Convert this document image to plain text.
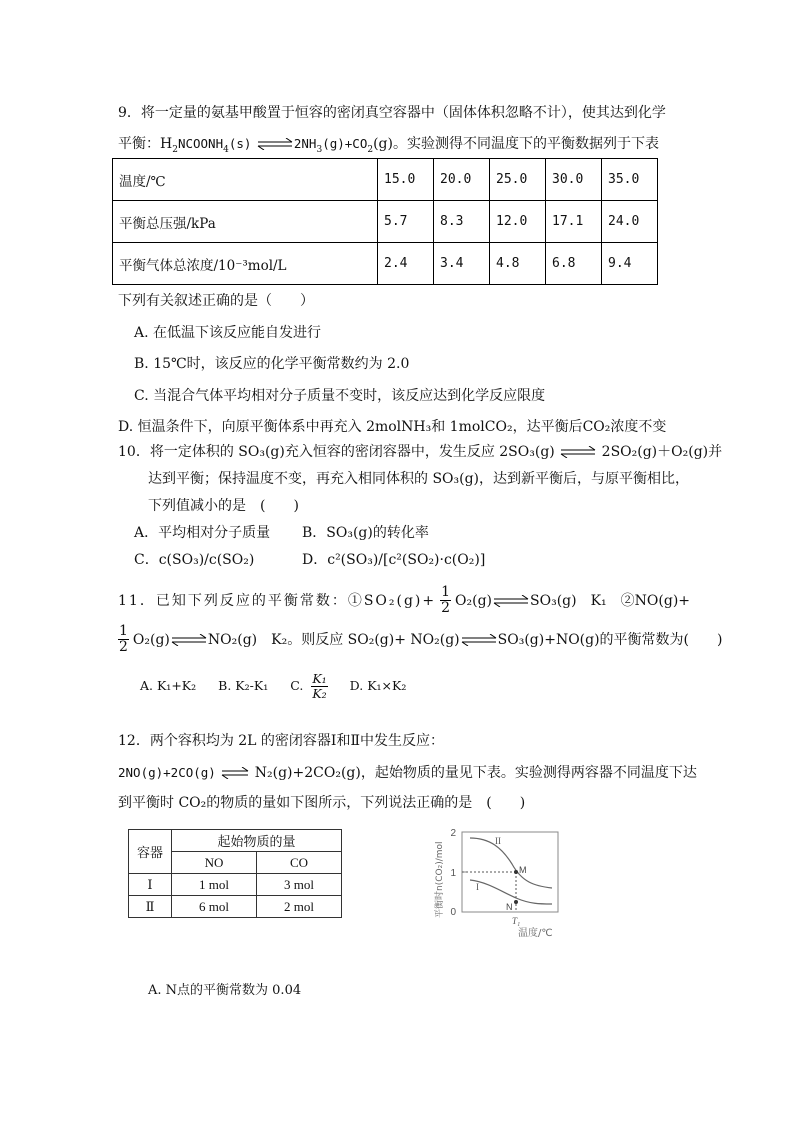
9．将一定量的氨基甲酸置于恒容的密闭真空容器中（固体体积忽略不计），使其达到化学
平衡：$H_2NCOONH_4(s)$ $\rightleftharpoons 2NH_3(g)+CO_2(g)$。实验测得不同温度下的平衡数据列于下表
温度/℃	15.0	20.0	25.0	30.0	35.0
平衡总压强/kPa	5.7	8.3	12.0	17.1	24.0
平衡气体总浓度/10⁻³mol/L	2.4	3.4	4.8	6.8	9.4
下列有关叙述正确的是（　　）
A. 在低温下该反应能自发进行
B. 15℃时，该反应的化学平衡常数约为 2.0
C. 当混合气体平均相对分子质量不变时，该反应达到化学反应限度
D. 恒温条件下，向原平衡体系中再充入 2molNH₃和 1molCO₂，达平衡后CO₂浓度不变
10．将一定体积的 SO₃(g)充入恒容的密闭容器中，发生反应 2SO₃(g) ⇌ 2SO₂(g)＋O₂(g)并
达到平衡；保持温度不变，再充入相同体积的 SO₃(g)，达到新平衡后，与原平衡相比，
下列值减小的是　(　　)
A．平均相对分子质量 B．SO₃(g)的转化率
C．c(SO₃)/c(SO₂)	D．c²(SO₃)/[c²(SO₂)·c(O₂)]
11．已知下列反应的平衡常数：①SO₂(g)+ $\frac{1}{2} O_2(g)$ ⇌ SO₃(g)　K₁　②NO(g)+
$\frac{1}{2} O_2(g)$ ⇌ NO₂(g)　K₂。则反应 SO₂(g)+ NO₂(g) ⇌ SO₃(g)+NO(g)的平衡常数为(　　)
A. K₁+K₂ B. K₂-K₁ C. $\frac{\text{K₁}}{\text{K₂}} D$. K₁×K₂
12．两个容积均为 2L 的密闭容器Ⅰ和Ⅱ中发生反应：
2NO(g)+2CO(g) ⇌ N₂(g)+2CO₂(g)，起始物质的量见下表。实验测得两容器不同温度下达
到平衡时 CO₂的物质的量如下图所示，下列说法正确的是　(　　)
容器	起始物质的量	
	NO	CO
Ⅰ	1 mol	3 mol
Ⅱ	6 mol	2 mol
2
1
0
II
I
M
N
T₁
温度/℃
平衡时n(CO₂)/mol
A. N点的平衡常数为 0.04
